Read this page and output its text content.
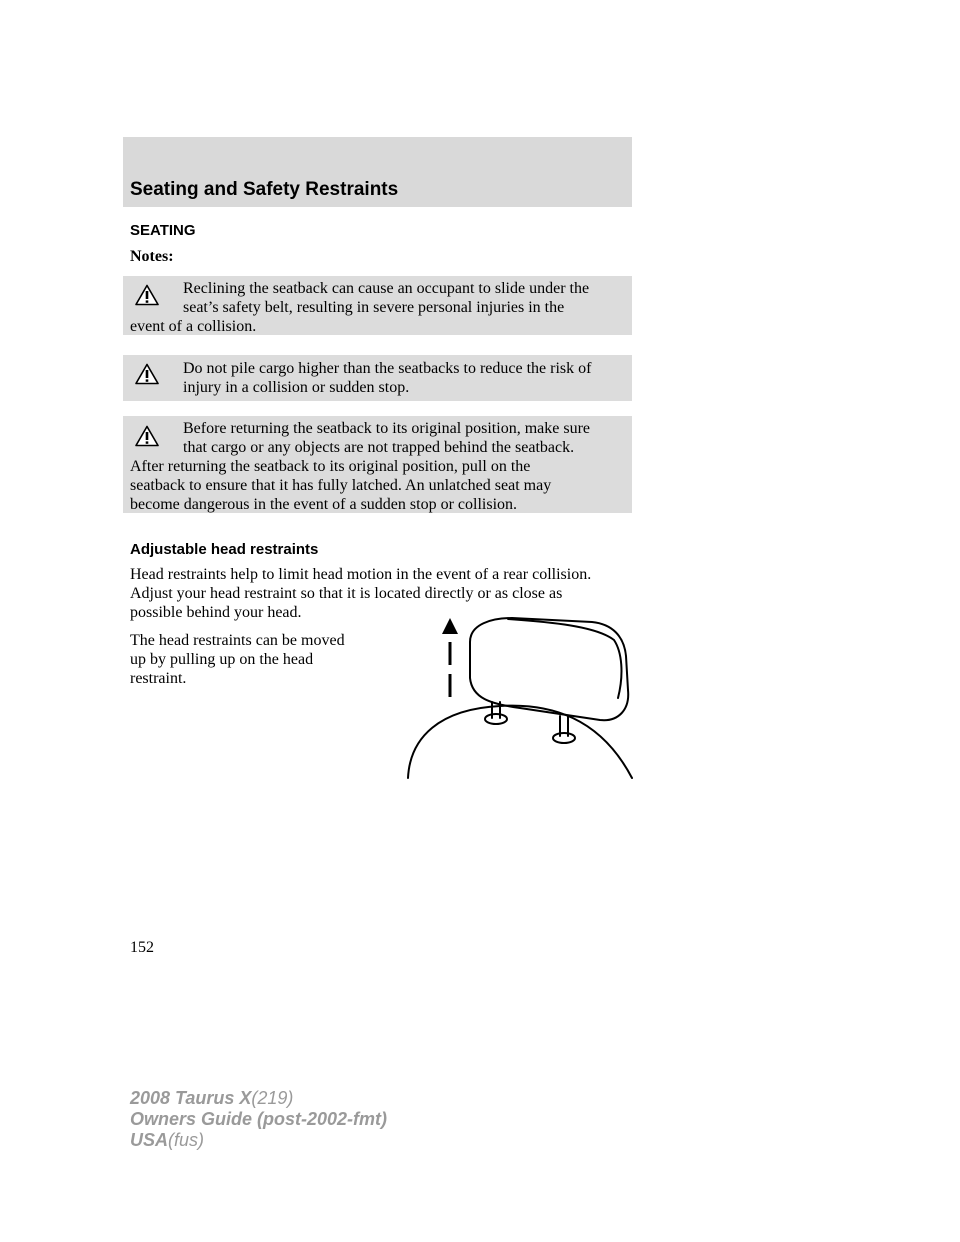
Seating and Safety Restraints
SEATING
Notes:
Reclining the seatback can cause an occupant to slide under the
seat’s safety belt, resulting in severe personal injuries in the
event of a collision.
Do not pile cargo higher than the seatbacks to reduce the risk of
injury in a collision or sudden stop.
Before returning the seatback to its original position, make sure
that cargo or any objects are not trapped behind the seatback.
After returning the seatback to its original position, pull on the
seatback to ensure that it has fully latched. An unlatched seat may
become dangerous in the event of a sudden stop or collision.
Adjustable head restraints
Head restraints help to limit head motion in the event of a rear collision.
Adjust your head restraint so that it is located directly or as close as
possible behind your head.
The head restraints can be moved
up by pulling up on the head
restraint.
152
2008 Taurus X(219)
Owners Guide (post-2002-fmt)
USA(fus)
